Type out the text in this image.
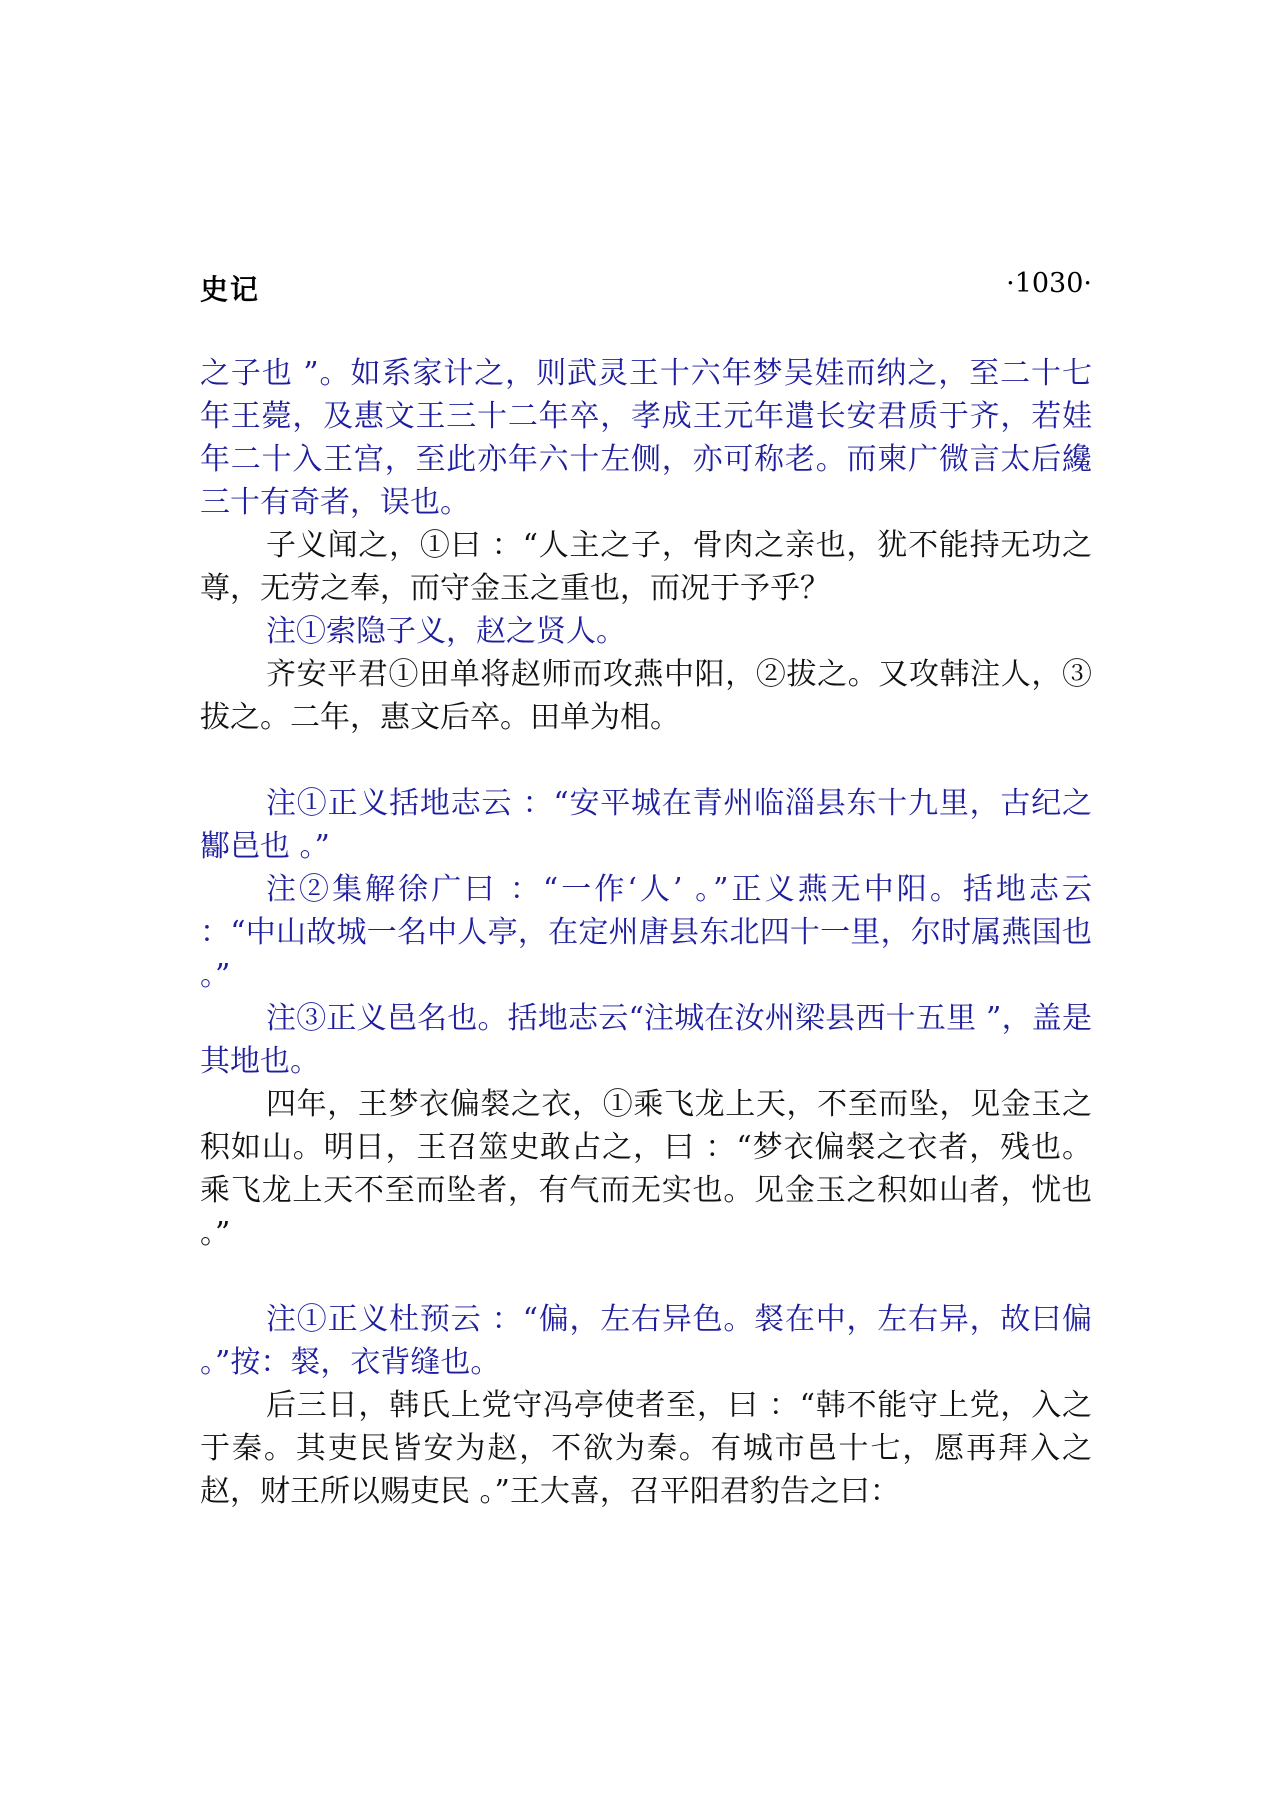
史记	·1030·

之子也 ”。如系家计之，则武灵王十六年梦吴娃而纳之，至二十七年王薨，及惠文王三十二年卒，孝成王元年遣长安君质于齐，若娃年二十入王宫，至此亦年六十左侧，亦可称老。而柬广微言太后纔三十有奇者，误也。

子义闻之，①曰 ：“人主之子，骨肉之亲也，犹不能持无功之尊，无劳之奉，而守金玉之重也，而况于予乎？

注①索隐子义，赵之贤人。

齐安平君①田单将赵师而攻燕中阳，②拔之。又攻韩注人，③拔之。二年，惠文后卒。田单为相。

注①正义括地志云 ：“安平城在青州临淄县东十九里，古纪之酅邑也 。”

注②集解徐广曰 ：“一作‘人’ 。”正义燕无中阳。括地志云 ：“中山故城一名中人亭，在定州唐县东北四十一里，尔时属燕国也 。”

注③正义邑名也。括地志云“注城在汝州梁县西十五里 ”，盖是其地也。

四年，王梦衣偏裻之衣，①乘飞龙上天，不至而坠，见金玉之积如山。明日，王召筮史敢占之，曰 ：“梦衣偏裻之衣者，残也。乘飞龙上天不至而坠者，有气而无实也。见金玉之积如山者，忧也 。”

注①正义杜预云 ：“偏，左右异色。裻在中，左右异，故曰偏 。”按：裻，衣背缝也。

后三日，韩氏上党守冯亭使者至，曰 ：“韩不能守上党，入之于秦。其吏民皆安为赵，不欲为秦。有城市邑十七，愿再拜入之赵，财王所以赐吏民 。”王大喜，召平阳君豹告之曰：
